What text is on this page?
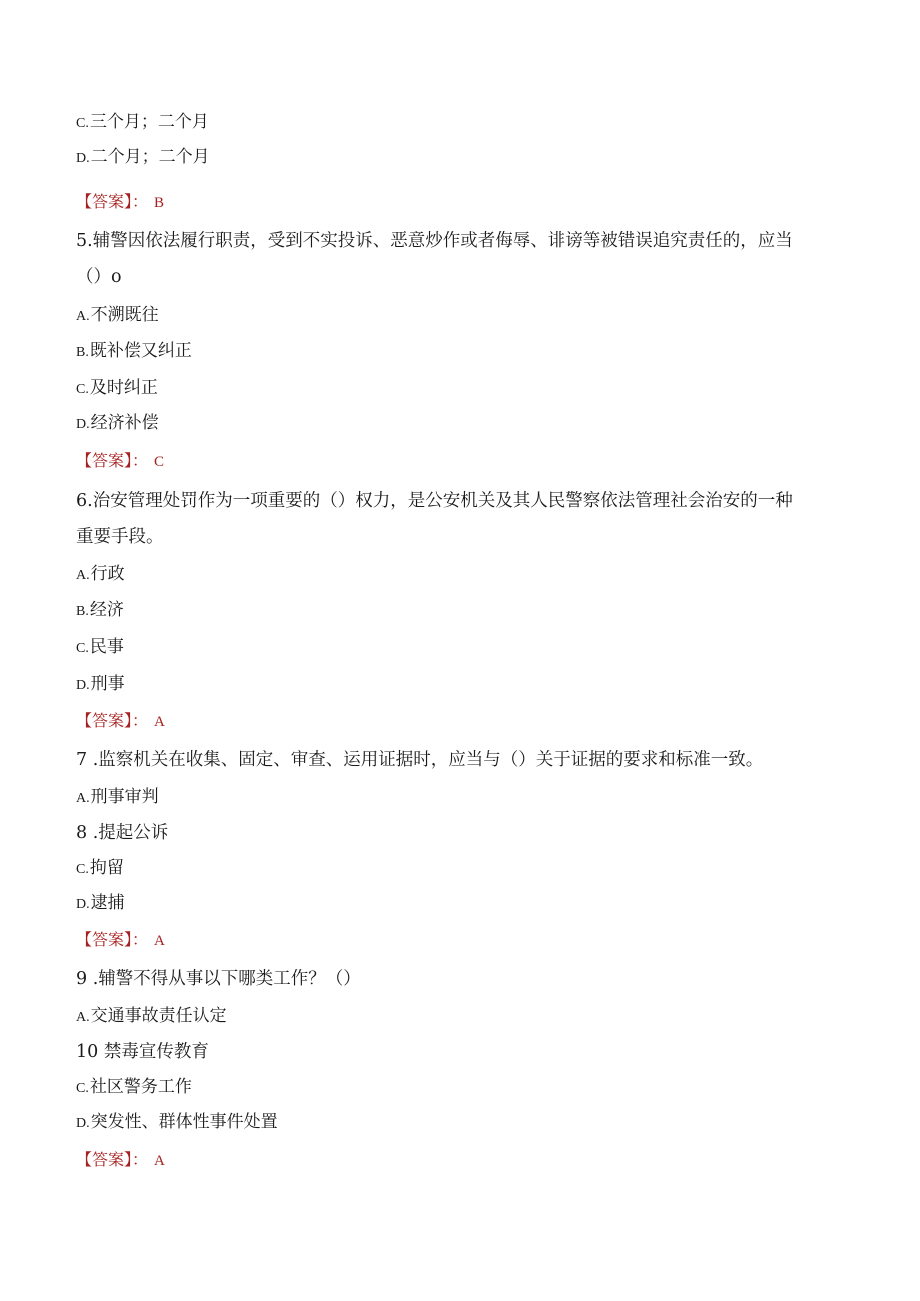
C.三个月；二个月
D.二个月；二个月
【答案】： B
5.辅警因依法履行职责，受到不实投诉、恶意炒作或者侮辱、诽谤等被错误追究责任的，应当
（）o
A.不溯既往
B.既补偿又纠正
C.及时纠正
D.经济补偿
【答案】： C
6.治安管理处罚作为一项重要的（）权力，是公安机关及其人民警察依法管理社会治安的一种
重要手段。
A.行政
B.经济
C.民事
D.刑事
【答案】： A
7 .监察机关在收集、固定、审查、运用证据时，应当与（）关于证据的要求和标准一致。
A.刑事审判
8 .提起公诉
C.拘留
D.逮捕
【答案】： A
9 .辅警不得从事以下哪类工作？（）
A.交通事故责任认定
10 禁毒宣传教育
C.社区警务工作
D.突发性、群体性事件处置
【答案】： A
